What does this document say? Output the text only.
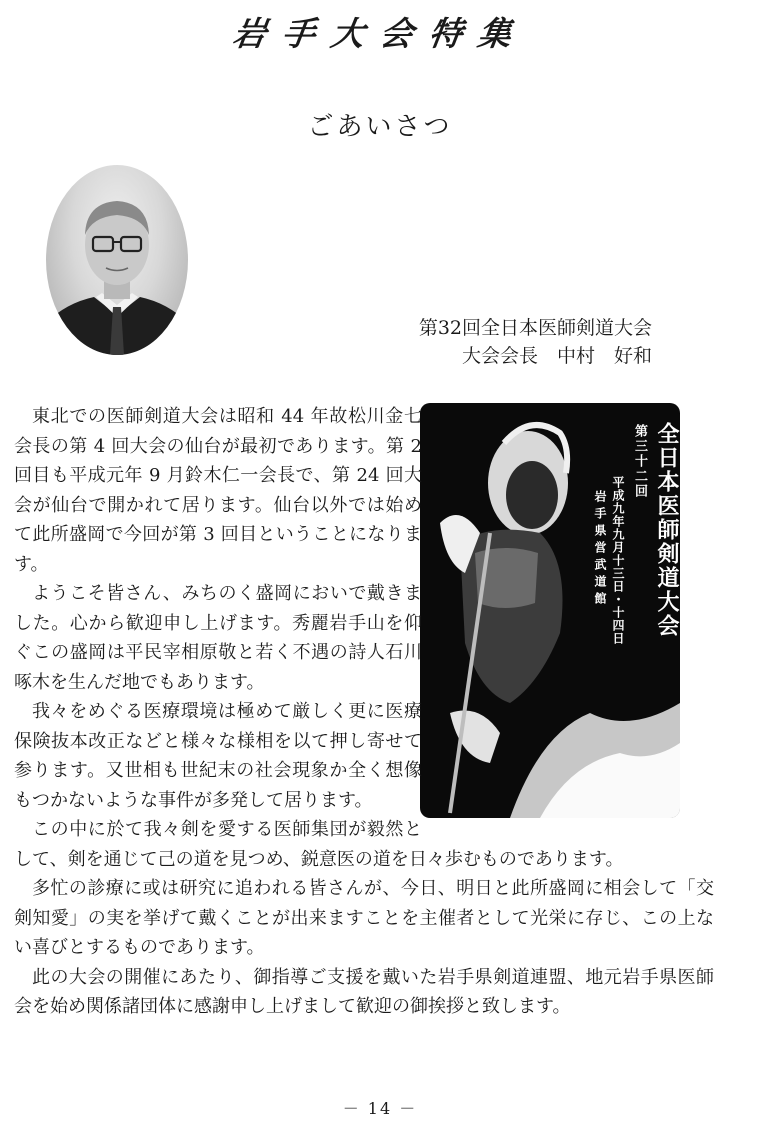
岩手大会特集
ごあいさつ
第32回全日本医師剣道大会
大会会長　中村　好和
第三十二回 全日本医師剣道大会
平成九年九月十三日・十四日
岩手県営武道館

東北での医師剣道大会は昭和 44 年故松川金七会長の第 4 回大会の仙台が最初であります。第 2 回目も平成元年 9 月鈴木仁一会長で、第 24 回大会が仙台で開かれて居ります。仙台以外では始めて此所盛岡で今回が第 3 回目ということになります。

ようこそ皆さん、みちのく盛岡においで戴きました。心から歓迎申し上げます。秀麗岩手山を仰ぐこの盛岡は平民宰相原敬と若く不遇の詩人石川啄木を生んだ地でもあります。

我々をめぐる医療環境は極めて厳しく更に医療保険抜本改正などと様々な様相を以て押し寄せて参ります。又世相も世紀末の社会現象か全く想像もつかないような事件が多発して居ります。

この中に於て我々剣を愛する医師集団が毅然として、剣を通じて己の道を見つめ、鋭意医の道を日々歩むものであります。

多忙の診療に或は研究に追われる皆さんが、今日、明日と此所盛岡に相会して「交剣知愛」の実を挙げて戴くことが出来ますことを主催者として光栄に存じ、この上ない喜びとするものであります。

此の大会の開催にあたり、御指導ご支援を戴いた岩手県剣道連盟、地元岩手県医師会を始め関係諸団体に感謝申し上げまして歓迎の御挨拶と致します。

－ 14 －
